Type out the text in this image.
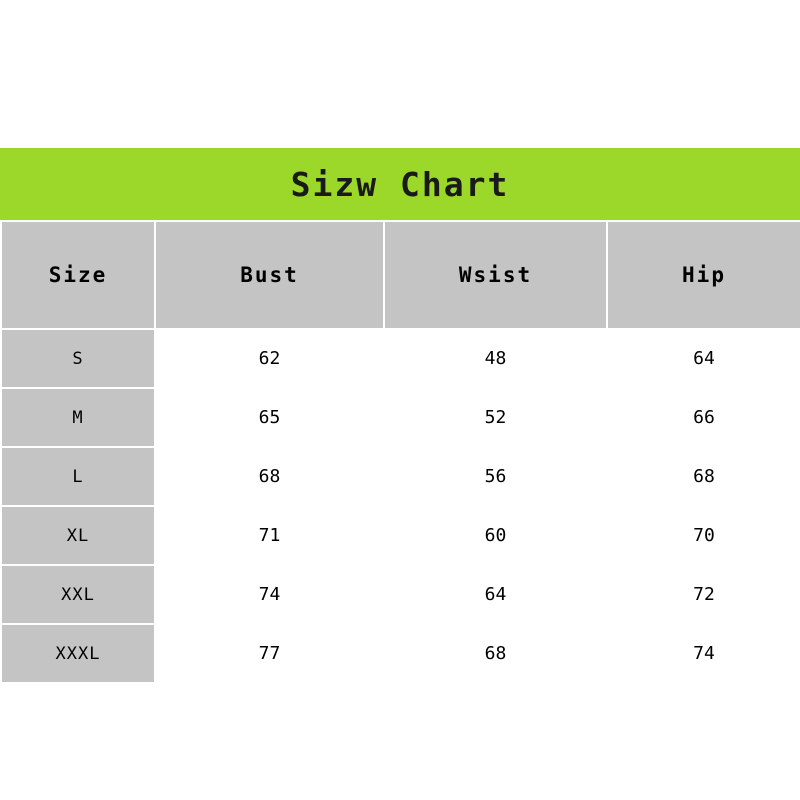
Sizw Chart
Size	Bust	Wsist	Hip
S	62	48	64
M	65	52	66
L	68	56	68
XL	71	60	70
XXL	74	64	72
XXXL	77	68	74
